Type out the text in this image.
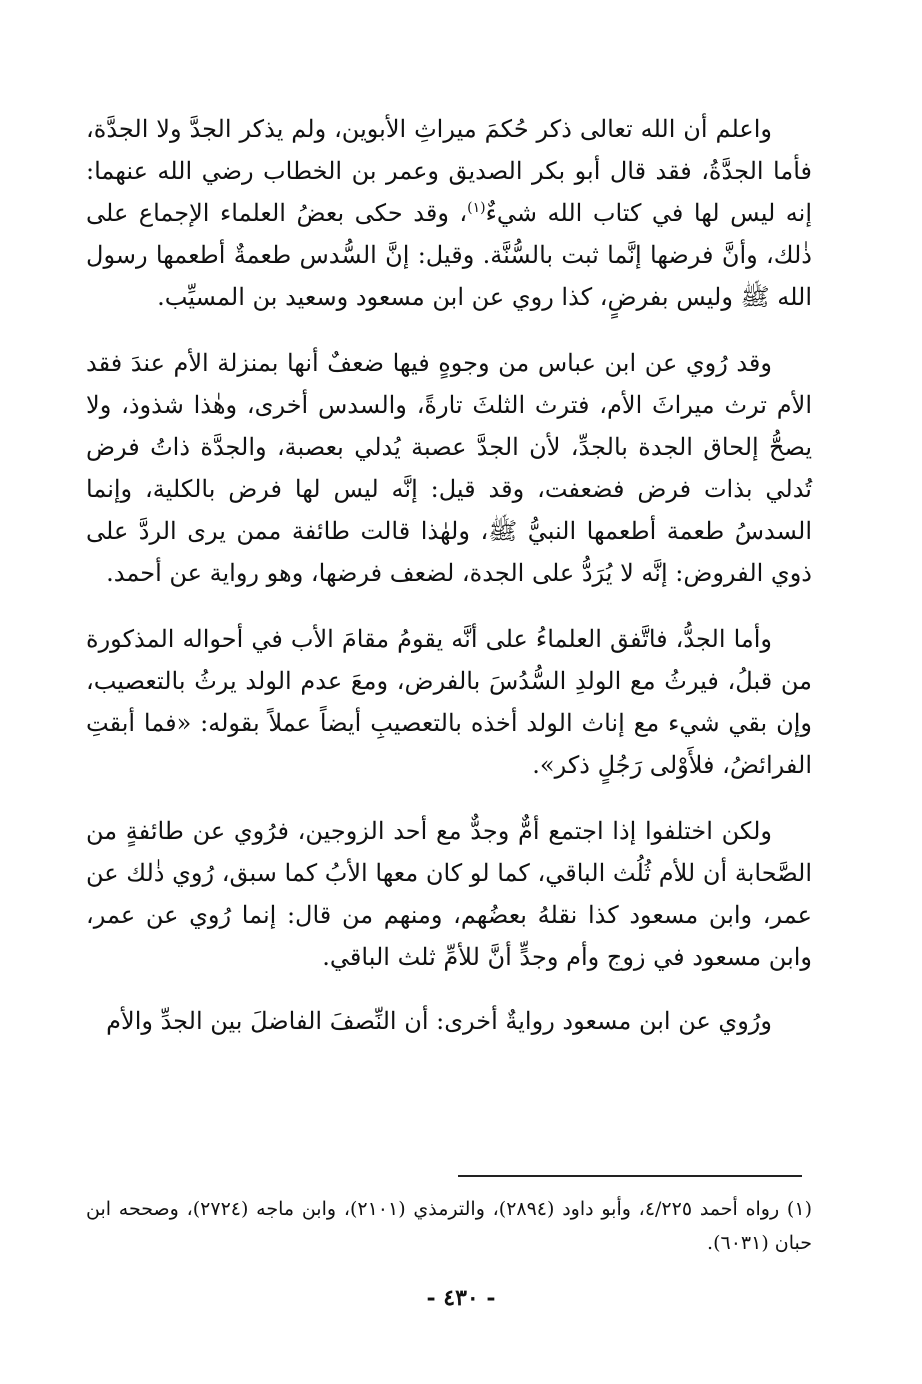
واعلم أن الله تعالى ذكر حُكمَ ميراثِ الأبوين، ولم يذكر الجدَّ ولا الجدَّة، فأما الجدَّةُ، فقد قال أبو بكر الصديق وعمر بن الخطاب رضي الله عنهما: إنه ليس لها في كتاب الله شيءٌ$^{(١)}$، وقد حكى بعضُ العلماء الإجماع على ذٰلك، وأنَّ فرضها إنَّما ثبت بالسُّنَّة. وقيل: إنَّ السُّدس طعمةٌ أطعمها رسول الله ﷺ وليس بفرضٍ، كذا روي عن ابن مسعود وسعيد بن المسيِّب.

وقد رُوي عن ابن عباس من وجوهٍ فيها ضعفٌ أنها بمنزلة الأم عندَ فقد الأم ترث ميراثَ الأم، فترث الثلثَ تارةً، والسدس أخرى، وهٰذا شذوذ، ولا يصحُّ إلحاق الجدة بالجدِّ، لأن الجدَّ عصبة يُدلي بعصبة، والجدَّة ذاتُ فرض تُدلي بذات فرض فضعفت، وقد قيل: إنَّه ليس لها فرض بالكلية، وإنما السدسُ طعمة أطعمها النبيُّ ﷺ، ولهٰذا قالت طائفة ممن يرى الردَّ على ذوي الفروض: إنَّه لا يُرَدُّ على الجدة، لضعف فرضها، وهو رواية عن أحمد.

وأما الجدُّ، فاتَّفق العلماءُ على أنَّه يقومُ مقامَ الأب في أحواله المذكورة من قبلُ، فيرثُ مع الولدِ السُّدُسَ بالفرض، ومعَ عدم الولد يرثُ بالتعصيب، وإن بقي شيء مع إناث الولد أخذه بالتعصيبِ أيضاً عملاً بقوله: «فما أبقتِ الفرائضُ، فلأَوْلى رَجُلٍ ذكر».

ولكن اختلفوا إذا اجتمع أمٌّ وجدٌّ مع أحد الزوجين، فرُوي عن طائفةٍ من الصَّحابة أن للأم ثُلُث الباقي، كما لو كان معها الأبُ كما سبق، رُوي ذٰلك عن عمر، وابن مسعود كذا نقلهُ بعضُهم، ومنهم من قال: إنما رُوي عن عمر، وابن مسعود في زوج وأم وجدٍّ أنَّ للأمِّ ثلث الباقي.

ورُوي عن ابن مسعود روايةٌ أخرى: أن النِّصفَ الفاضلَ بين الجدِّ والأم

(١) رواه أحمد ٤/٢٢٥، وأبو داود (٢٨٩٤)، والترمذي (٢١٠١)، وابن ماجه (٢٧٢٤)، وصححه ابن حبان (٦٠٣١).
- ٤٣٠ -
